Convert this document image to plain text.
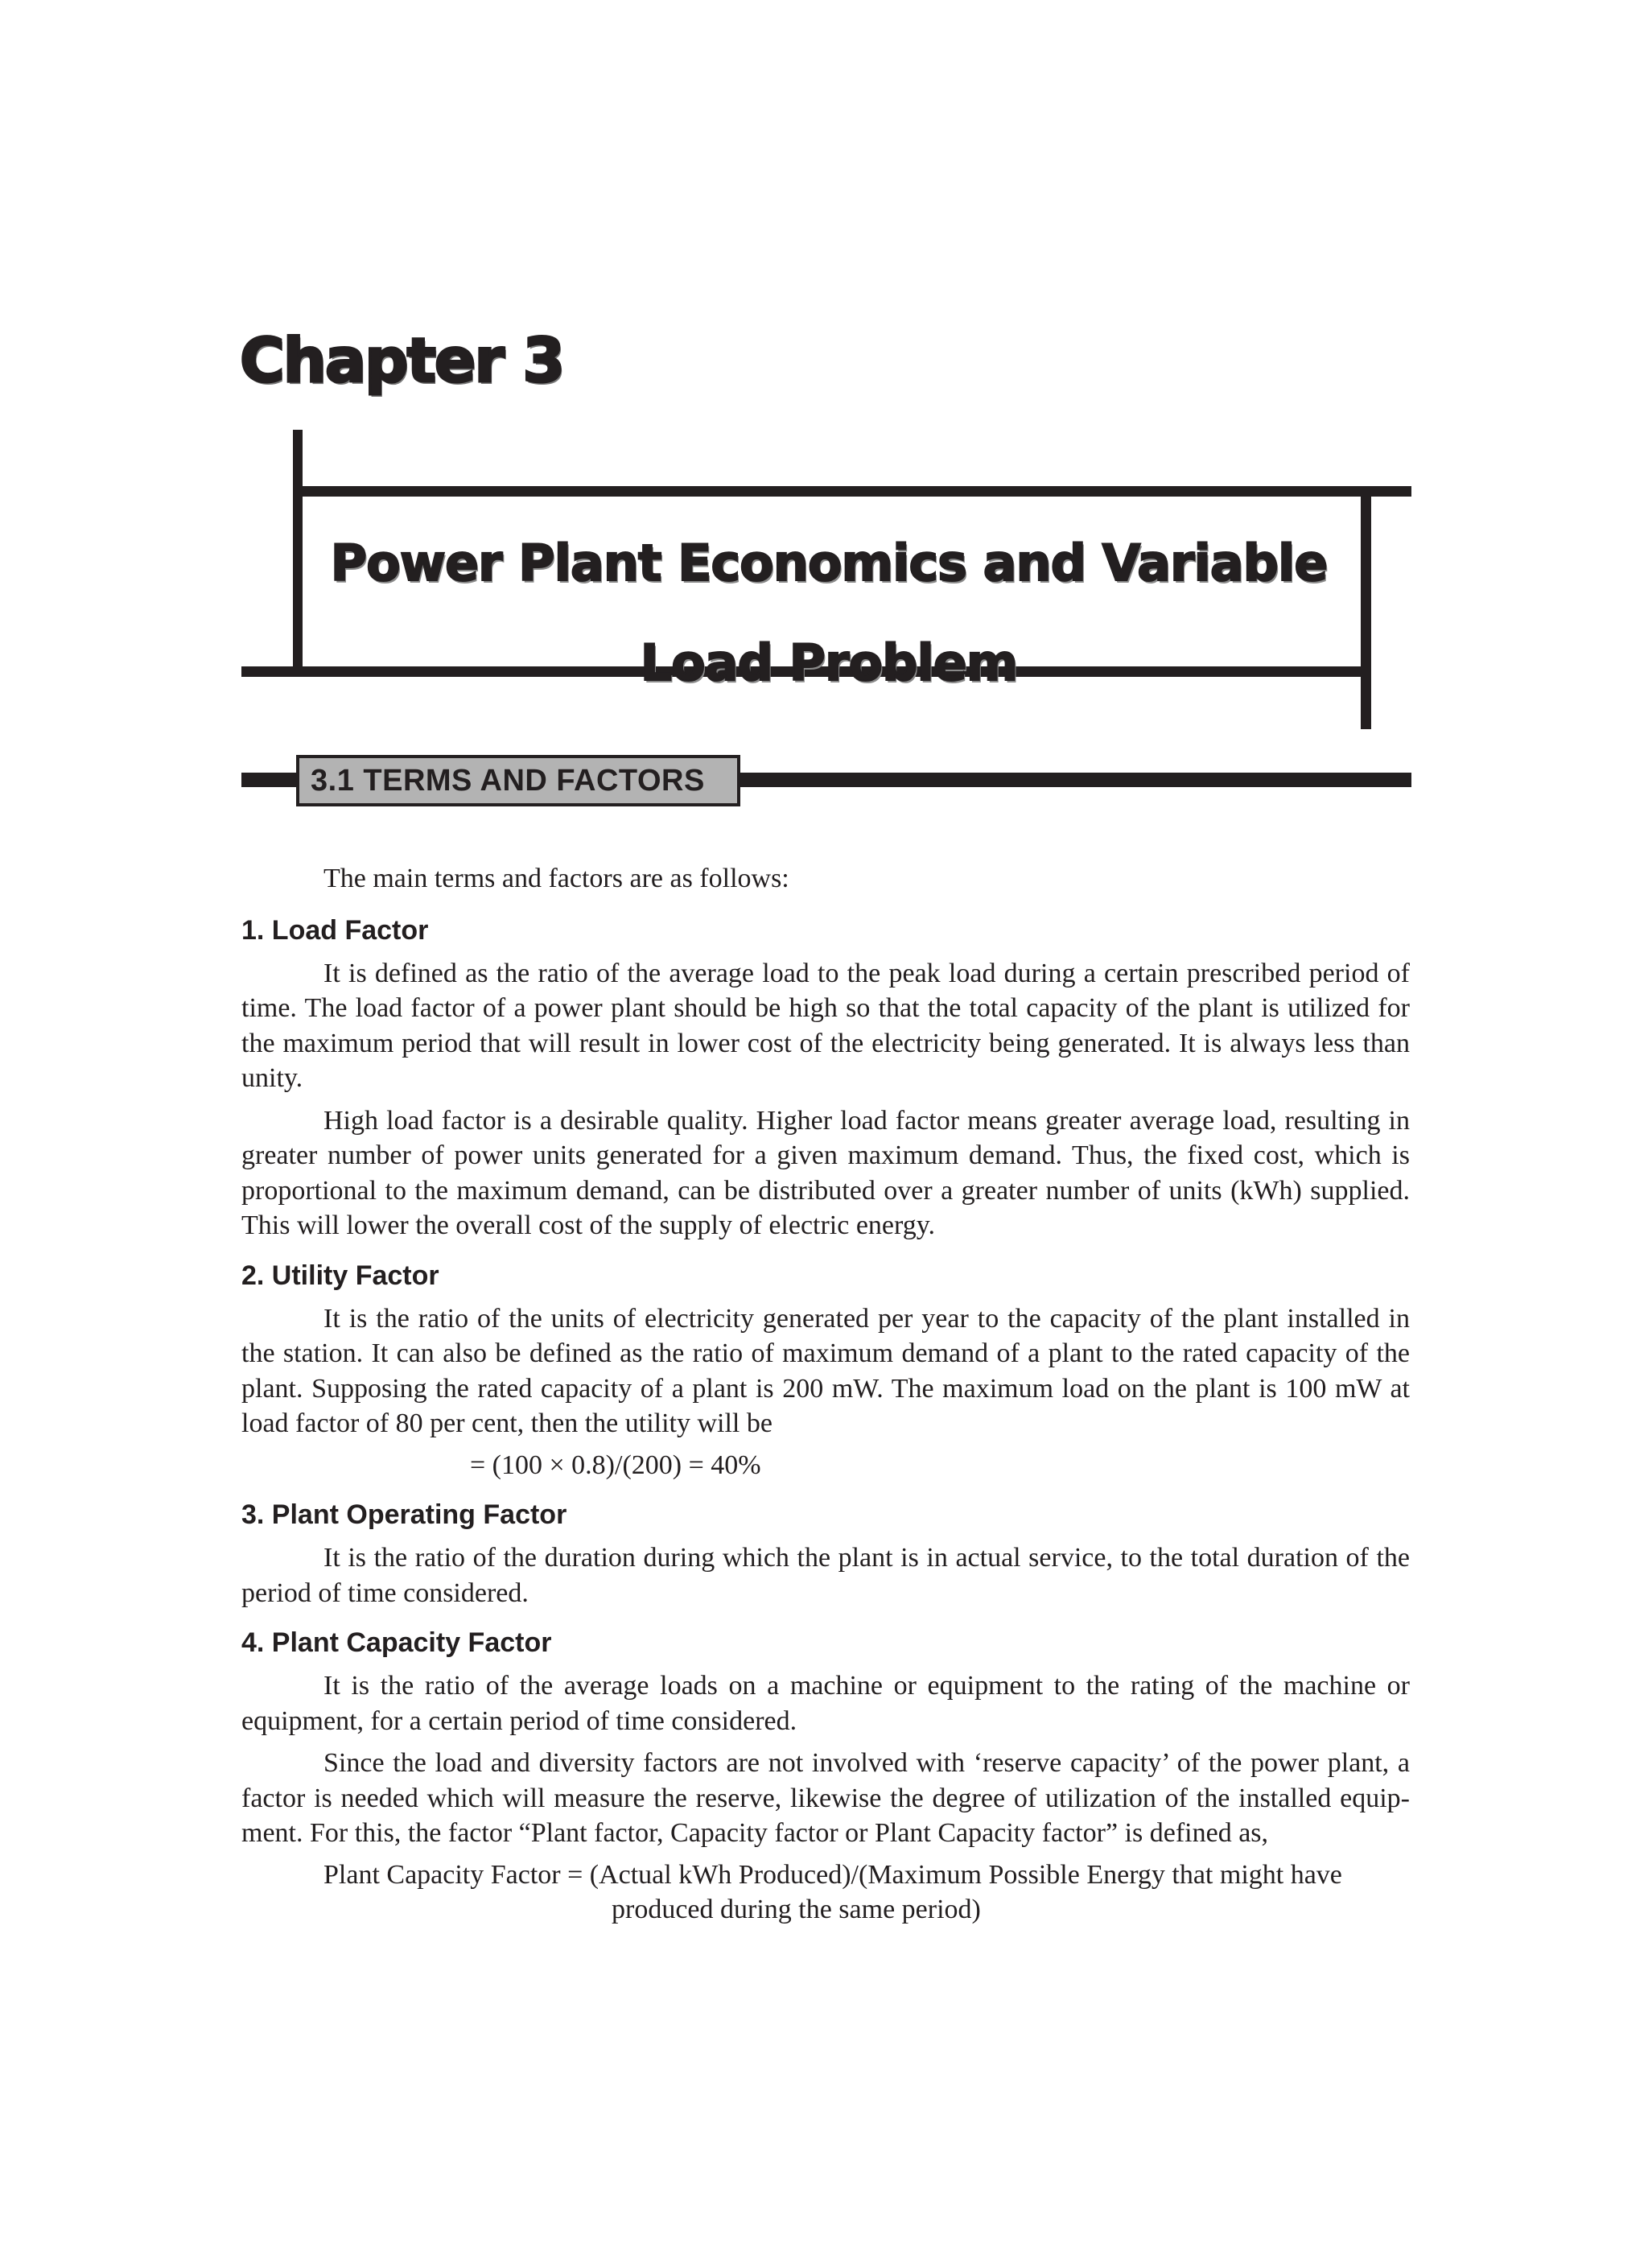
Chapter 3
Power Plant Economics and Variable
Load Problem
3.1 TERMS AND FACTORS

The main terms and factors are as follows:

1. Load Factor

It is defined as the ratio of the average load to the peak load during a certain prescribed period of time. The load factor of a power plant should be high so that the total capacity of the plant is utilized for the maximum period that will result in lower cost of the electricity being generated. It is always less than unity.

High load factor is a desirable quality. Higher load factor means greater average load, resulting in greater number of power units generated for a given maximum demand. Thus, the fixed cost, which is proportional to the maximum demand, can be distributed over a greater number of units (kWh) supplied. This will lower the overall cost of the supply of electric energy.

2. Utility Factor

It is the ratio of the units of electricity generated per year to the capacity of the plant installed in the station. It can also be defined as the ratio of maximum demand of a plant to the rated capacity of the plant. Supposing the rated capacity of a plant is 200 mW. The maximum load on the plant is 100 mW at load factor of 80 per cent, then the utility will be

= (100 × 0.8)/(200) = 40%

3. Plant Operating Factor

It is the ratio of the duration during which the plant is in actual service, to the total duration of the period of time considered.

4. Plant Capacity Factor

It is the ratio of the average loads on a machine or equipment to the rating of the machine or equipment, for a certain period of time considered.

Since the load and diversity factors are not involved with ‘reserve capacity’ of the power plant, a factor is needed which will measure the reserve, likewise the degree of utilization of the installed equipment. For this, the factor “Plant factor, Capacity factor or Plant Capacity factor” is defined as,

Plant Capacity Factor = (Actual kWh Produced)/(Maximum Possible Energy that might have

produced during the same period)
